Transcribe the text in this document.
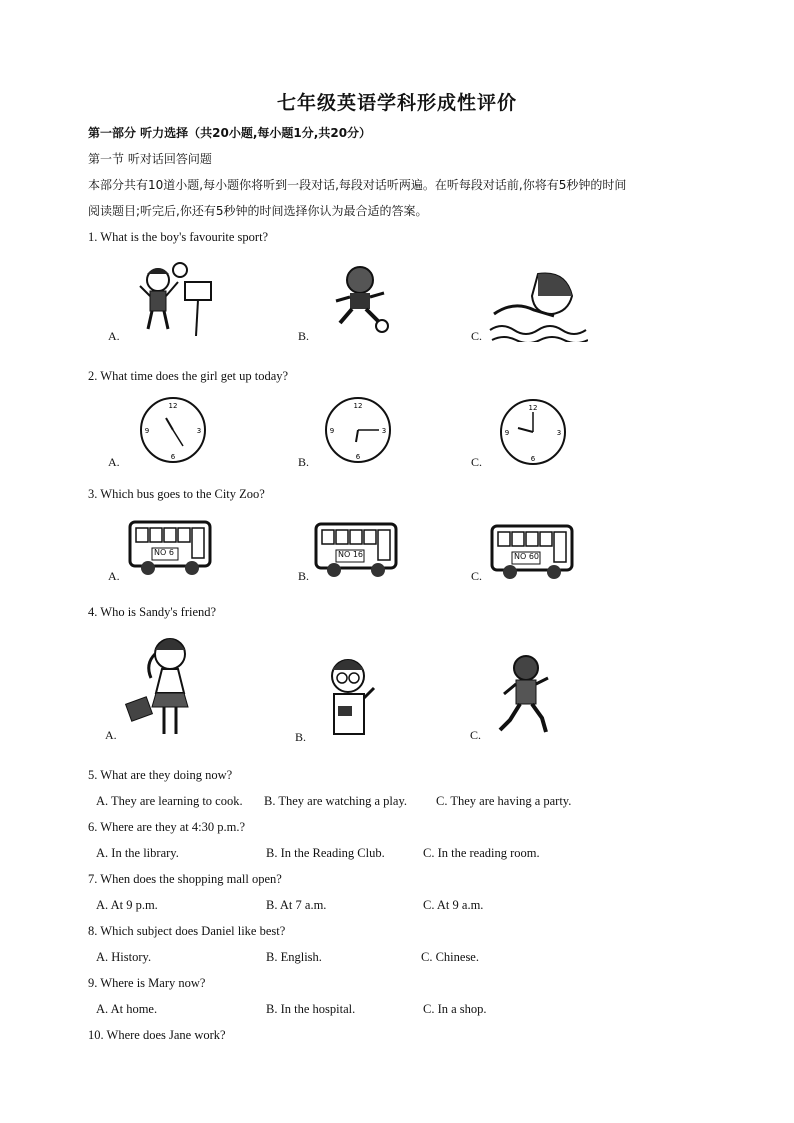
七年级英语学科形成性评价
第一部分 听力选择（共20小题,每小题1分,共20分）
第一节 听对话回答问题
本部分共有10道小题,每小题你将听到一段对话,每段对话听两遍。在听每段对话前,你将有5秒钟的时间
阅读题目;听完后,你还有5秒钟的时间选择你认为最合适的答案。
1. What is the boy's favourite sport?
A.	B.	C.
2. What time does the girl get up today?
A.	B.	C.
12
3
6
9
12
3
6
9
12
3
6
9
3. Which bus goes to the City Zoo?
A.	B.	C.
NO 6	NO 16	NO 60
4. Who is Sandy's friend?
A.	B.	C.
5. What are they doing now?
A. They are learning to cook. B. They are watching a play. C. They are having a party.
6. Where are they at 4:30 p.m.?
A. In the library.	B. In the Reading Club.	C. In the reading room.
7. When does the shopping mall open?
A. At 9 p.m.	B. At 7 a.m.	C. At 9 a.m.
8. Which subject does Daniel like best?
A. History.	B. English.	C. Chinese.
9. Where is Mary now?
A. At home.	B. In the hospital.	C. In a shop.
10. Where does Jane work?
